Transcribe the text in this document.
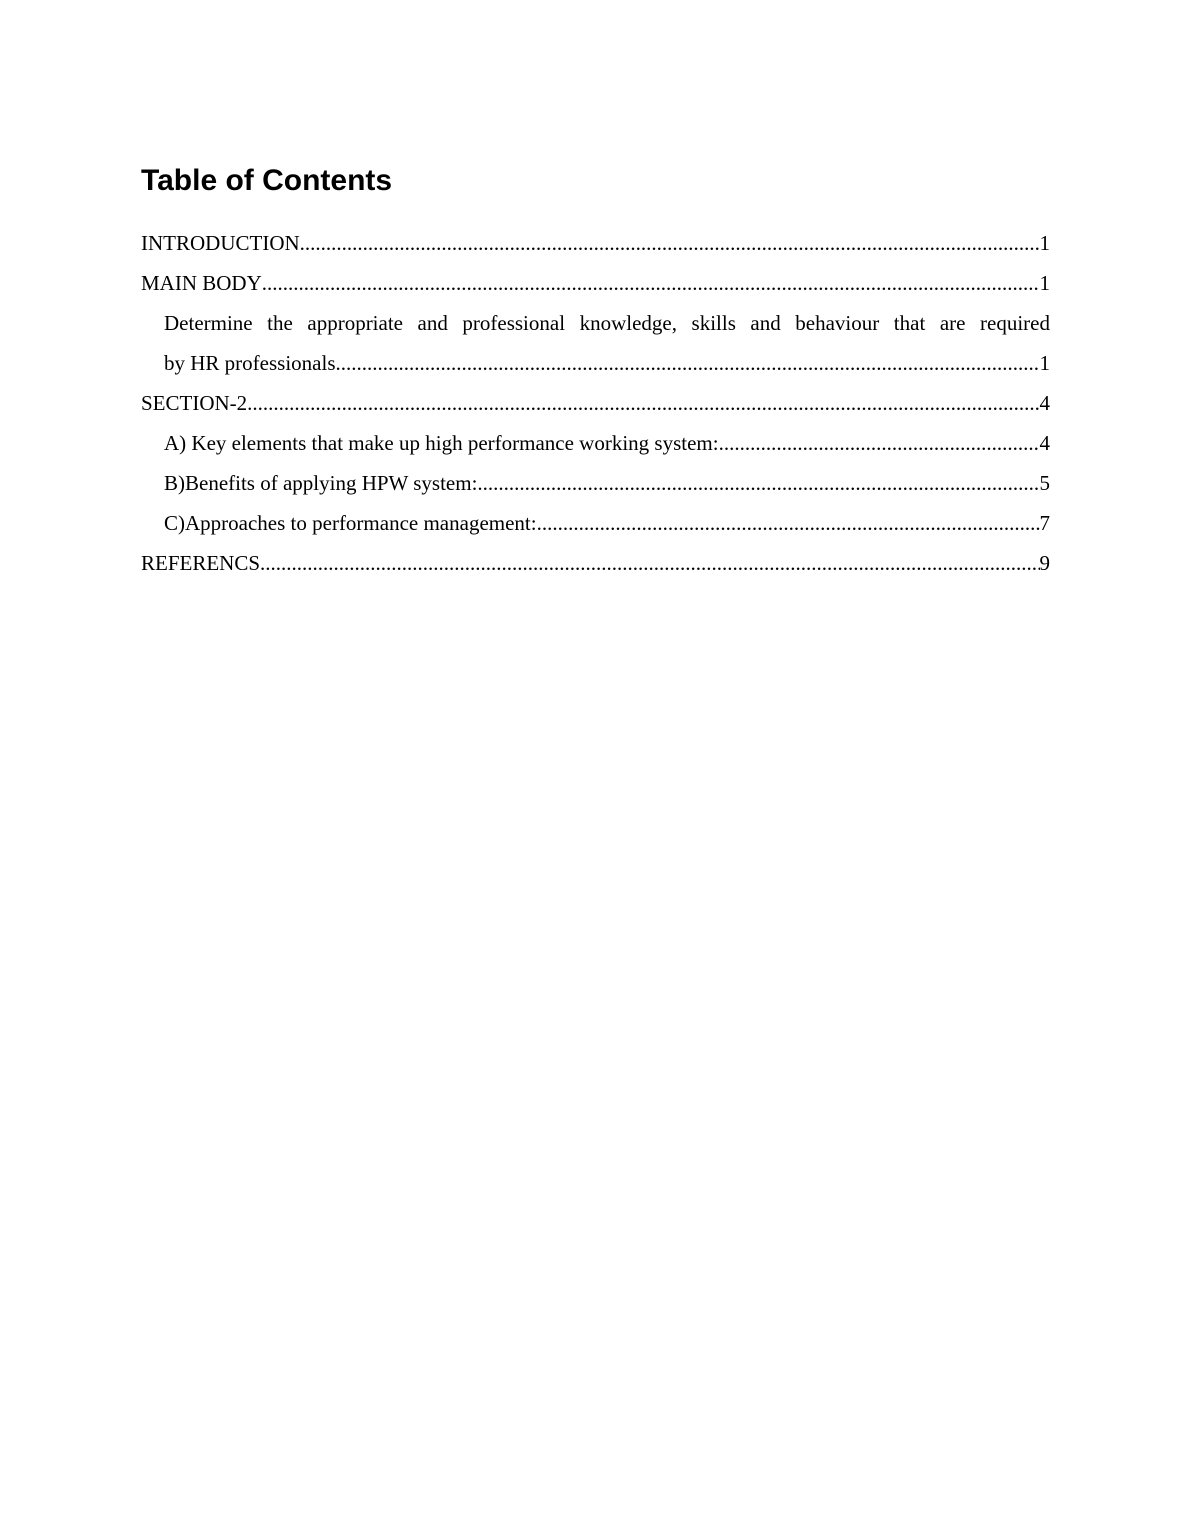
Table of Contents
INTRODUCTION .....	1
MAIN BODY .....	1
Determine the appropriate and professional knowledge, skills and behaviour that are required
by HR professionals .....	1
SECTION-2 .....	4
A) Key elements that make up high performance working system: .....	4
B)Benefits of applying HPW system: .....	5
C)Approaches to performance management: .....	7
REFERENCS .....	9
